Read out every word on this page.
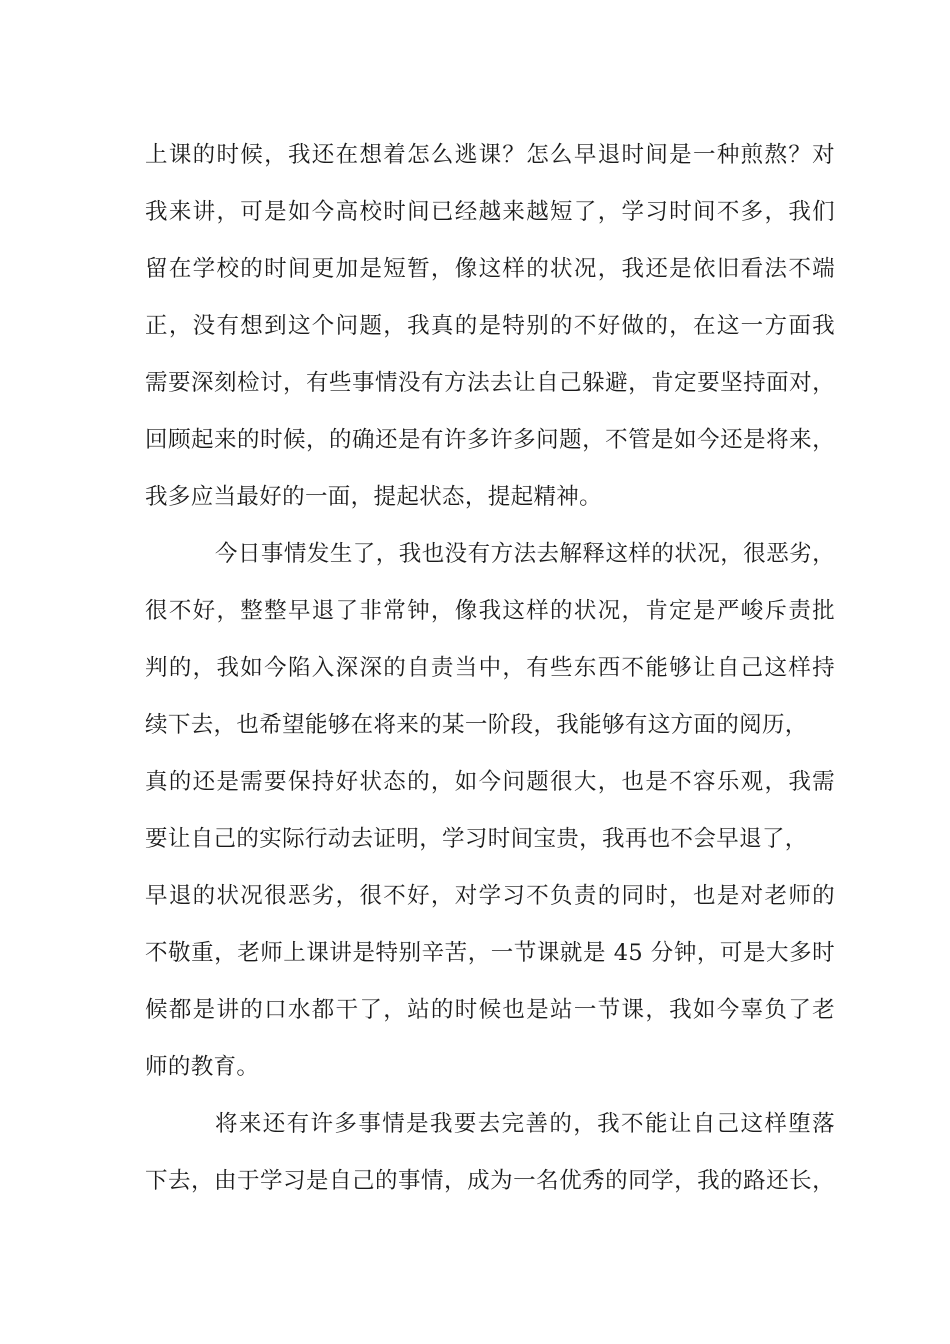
上课的时候，我还在想着怎么逃课？怎么早退时间是一种煎熬？对
我来讲，可是如今高校时间已经越来越短了，学习时间不多，我们
留在学校的时间更加是短暂，像这样的状况，我还是依旧看法不端
正，没有想到这个问题，我真的是特别的不好做的，在这一方面我
需要深刻检讨，有些事情没有方法去让自己躲避，肯定要坚持面对，
回顾起来的时候，的确还是有许多许多问题，不管是如今还是将来，
我多应当最好的一面，提起状态，提起精神。
今日事情发生了，我也没有方法去解释这样的状况，很恶劣，
很不好，整整早退了非常钟，像我这样的状况，肯定是严峻斥责批
判的，我如今陷入深深的自责当中，有些东西不能够让自己这样持
续下去，也希望能够在将来的某一阶段，我能够有这方面的阅历，
真的还是需要保持好状态的，如今问题很大，也是不容乐观，我需
要让自己的实际行动去证明，学习时间宝贵，我再也不会早退了，
早退的状况很恶劣，很不好，对学习不负责的同时，也是对老师的
不敬重，老师上课讲是特别辛苦，一节课就是 45 分钟，可是大多时
候都是讲的口水都干了，站的时候也是站一节课，我如今辜负了老
师的教育。
将来还有许多事情是我要去完善的，我不能让自己这样堕落
下去，由于学习是自己的事情，成为一名优秀的同学，我的路还长，
